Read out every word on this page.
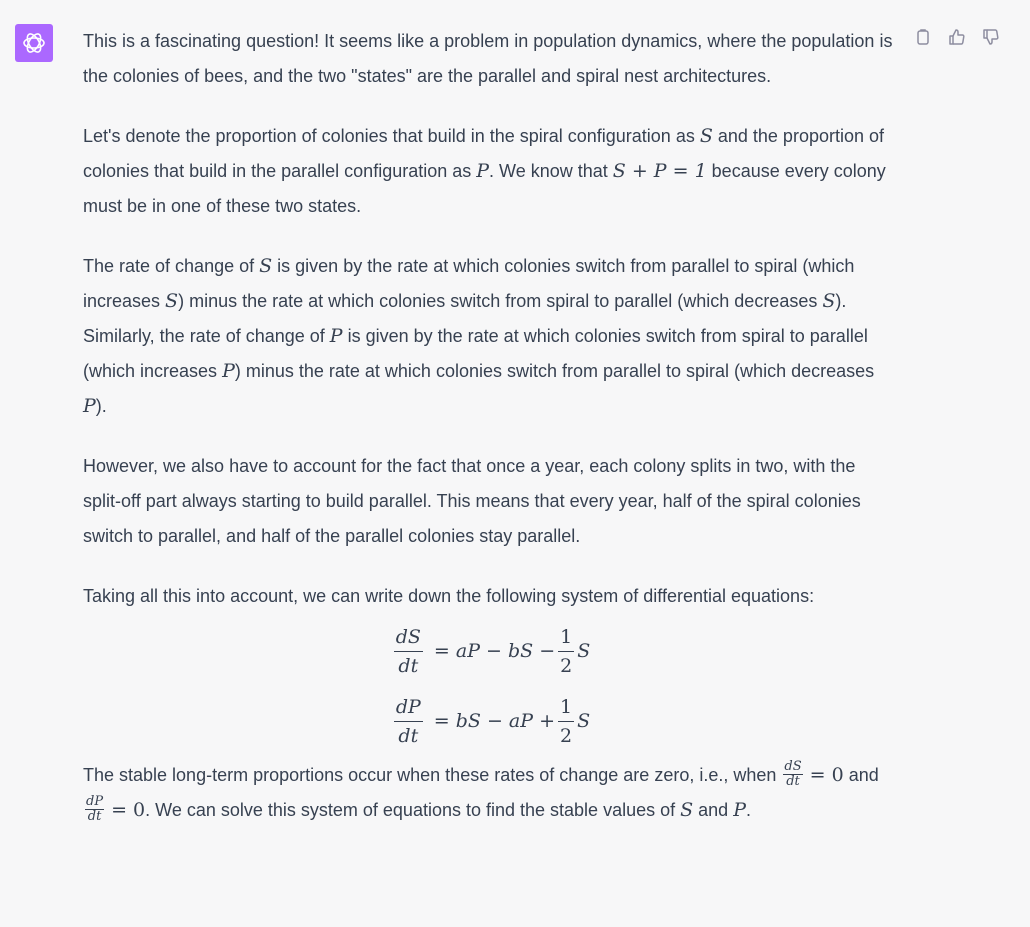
This is a fascinating question! It seems like a problem in population dynamics, where the population is the colonies of bees, and the two "states" are the parallel and spiral nest architectures.

Let's denote the proportion of colonies that build in the spiral configuration as S and the proportion of colonies that build in the parallel configuration as P. We know that S + P = 1 because every colony must be in one of these two states.

The rate of change of S is given by the rate at which colonies switch from parallel to spiral (which increases S) minus the rate at which colonies switch from spiral to parallel (which decreases S). Similarly, the rate of change of P is given by the rate at which colonies switch from spiral to parallel (which increases P) minus the rate at which colonies switch from parallel to spiral (which decreases P).

However, we also have to account for the fact that once a year, each colony splits in two, with the split-off part always starting to build parallel. This means that every year, half of the spiral colonies switch to parallel, and half of the parallel colonies stay parallel.

Taking all this into account, we can write down the following system of differential equations:

$\frac{dS}{dt}$ = aP − bS − $\frac{1}{2}$ S
$\frac{dP}{dt}$ = bS − aP + $\frac{1}{2}$ S

The stable long-term proportions occur when these rates of change are zero, i.e., when $\frac{dS}{dt} = 0$ and
$\frac{dP}{dt} = 0$. We can solve this system of equations to find the stable values of S and P.
